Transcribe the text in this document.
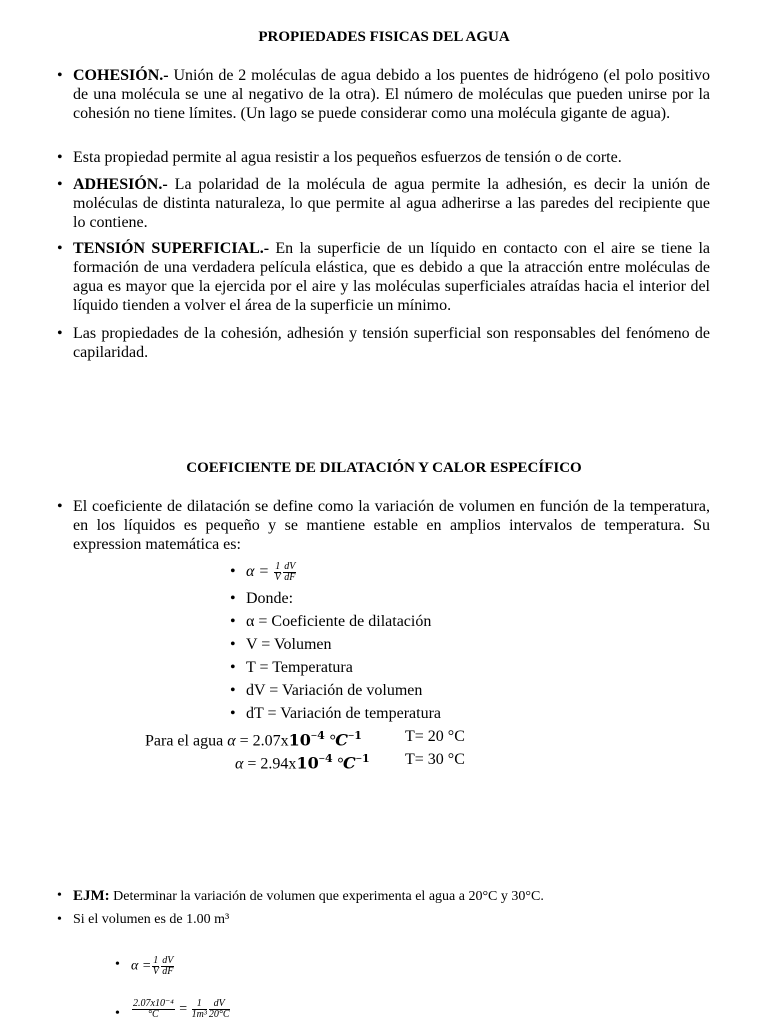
PROPIEDADES FISICAS DEL AGUA
• COHESIÓN.- Unión de 2 moléculas de agua debido a los puentes de hidrógeno (el polo positivo de una molécula se une al negativo de la otra). El número de moléculas que pueden unirse por la cohesión no tiene límites. (Un lago se puede considerar como una molécula gigante de agua).
• Esta propiedad permite al agua resistir a los pequeños esfuerzos de tensión o de corte.
• ADHESIÓN.- La polaridad de la molécula de agua permite la adhesión, es decir la unión de moléculas de distinta naturaleza, lo que permite al agua adherirse a las paredes del recipiente que lo contiene.
• TENSIÓN SUPERFICIAL.- En la superficie de un líquido en contacto con el aire se tiene la formación de una verdadera película elástica, que es debido a que la atracción entre moléculas de agua es mayor que la ejercida por el aire y las moléculas superficiales atraídas hacia el interior del líquido tienden a volver el área de la superficie un mínimo.
• Las propiedades de la cohesión, adhesión y tensión superficial son responsables del fenómeno de capilaridad.
COEFICIENTE DE DILATACIÓN Y CALOR ESPECÍFICO
• El coeficiente de dilatación se define como la variación de volumen en función de la temperatura, en los líquidos es pequeño y se mantiene estable en amplios intervalos de temperatura. Su expression matemática es:
• $\alpha = \frac{1}{V} \frac{dV}{dF}$
• Donde:
• α = Coeficiente de dilatación
• V = Volumen
• T = Temperatura
• dV = Variación de volumen
• dT = Variación de temperatura
Para el agua $\alpha = 2.07x𝟏𝟎^{-𝟒}$ °𝑪$^{-𝟏}$	T= 20 °C
$\alpha = 2.94x𝟏𝟎^{-𝟒}$ °𝑪$^{-𝟏}$ T= 30 °C
• EJM: Determinar la variación de volumen que experimenta el agua a 20°C y 30°C.
• Si el volumen es de 1.00 m³
• $\alpha = \frac{1}{V} \frac{dV}{dF}$
• $\frac{\text{2.07x10⁻⁴}}{^\circ C} = \frac{1}{\text{1m³}} \frac{dV}{20^\circ C}$
